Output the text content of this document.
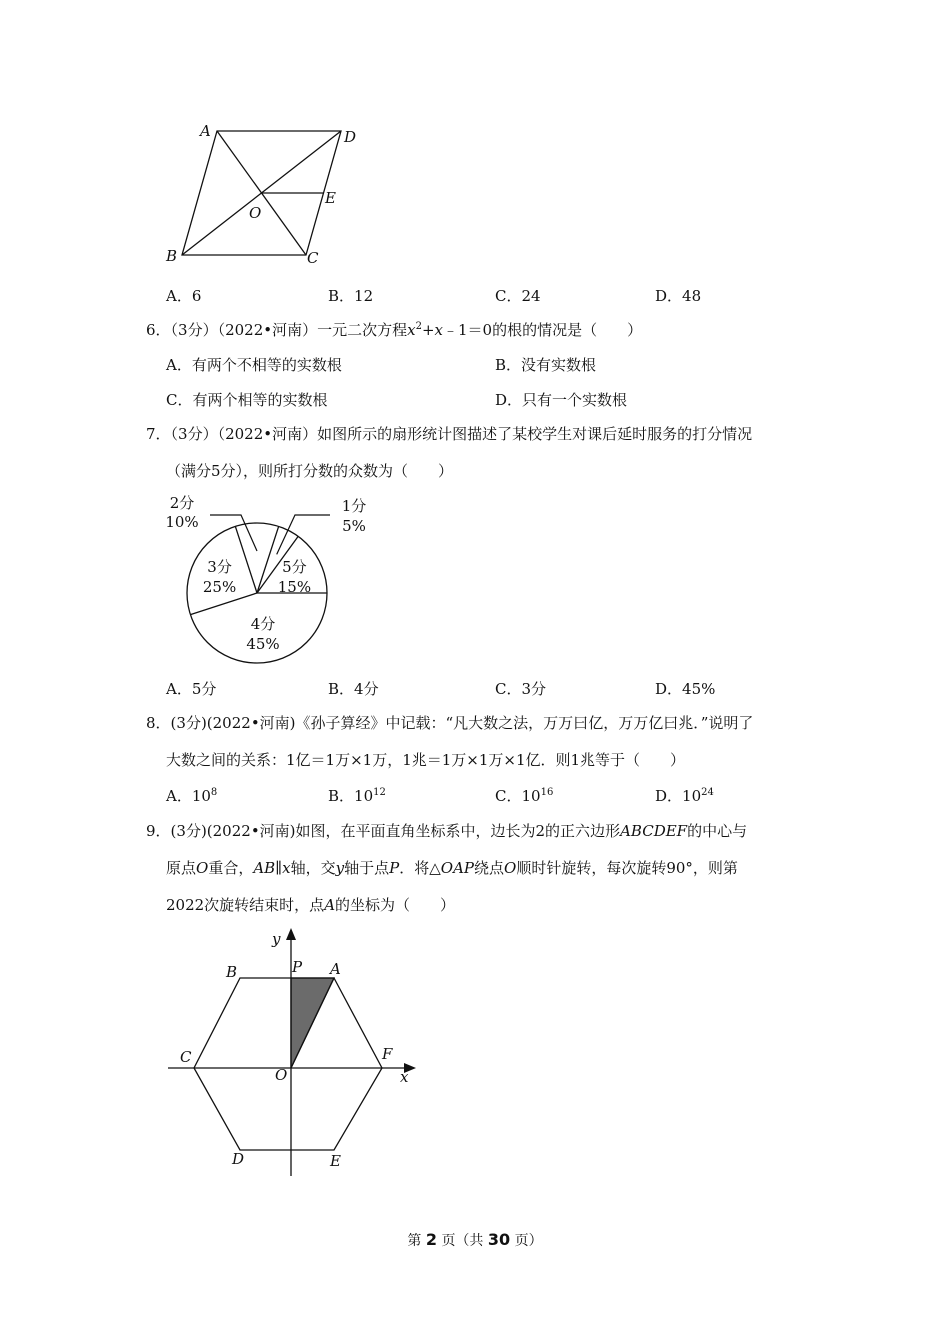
A	D
E
O
B	C
A．6	B．12	C．24	D．48
6．（3分）（2022•河南）一元二次方程$x^2+x﹣1=0$的根的情况是（　　）
A．有两个不相等的实数根	B．没有实数根
C．有两个相等的实数根	D．只有一个实数根
7．（3分）（2022•河南）如图所示的扇形统计图描述了某校学生对课后延时服务的打分情况
（满分5分），则所打分数的众数为（　　）
5分
15%
1分
5%
2分
10%
3分
25%
4分
45%
A．5分	B．4分	C．3分	D．45%
8．(3分)(2022•河南)《孙子算经》中记载：“凡大数之法，万万曰亿，万万亿曰兆．”说明了
大数之间的关系：1亿＝1万×1万，1兆＝1万×1万×1亿．则1兆等于（　　）
A．$10^8$	B．$10^{12}$	C．$10^{16}$	D．$10^{24}$
9．(3分)(2022•河南)如图，在平面直角坐标系中，边长为2的正六边形ABCDEF的中心与
原点O重合，AB∥x轴，交y轴于点P．将△OAP绕点O顺时针旋转，每次旋转90°，则第
2022次旋转结束时，点A的坐标为（　　）
y
x
P A
B
C
O
F
D	E
第 2 页（共 30 页）
